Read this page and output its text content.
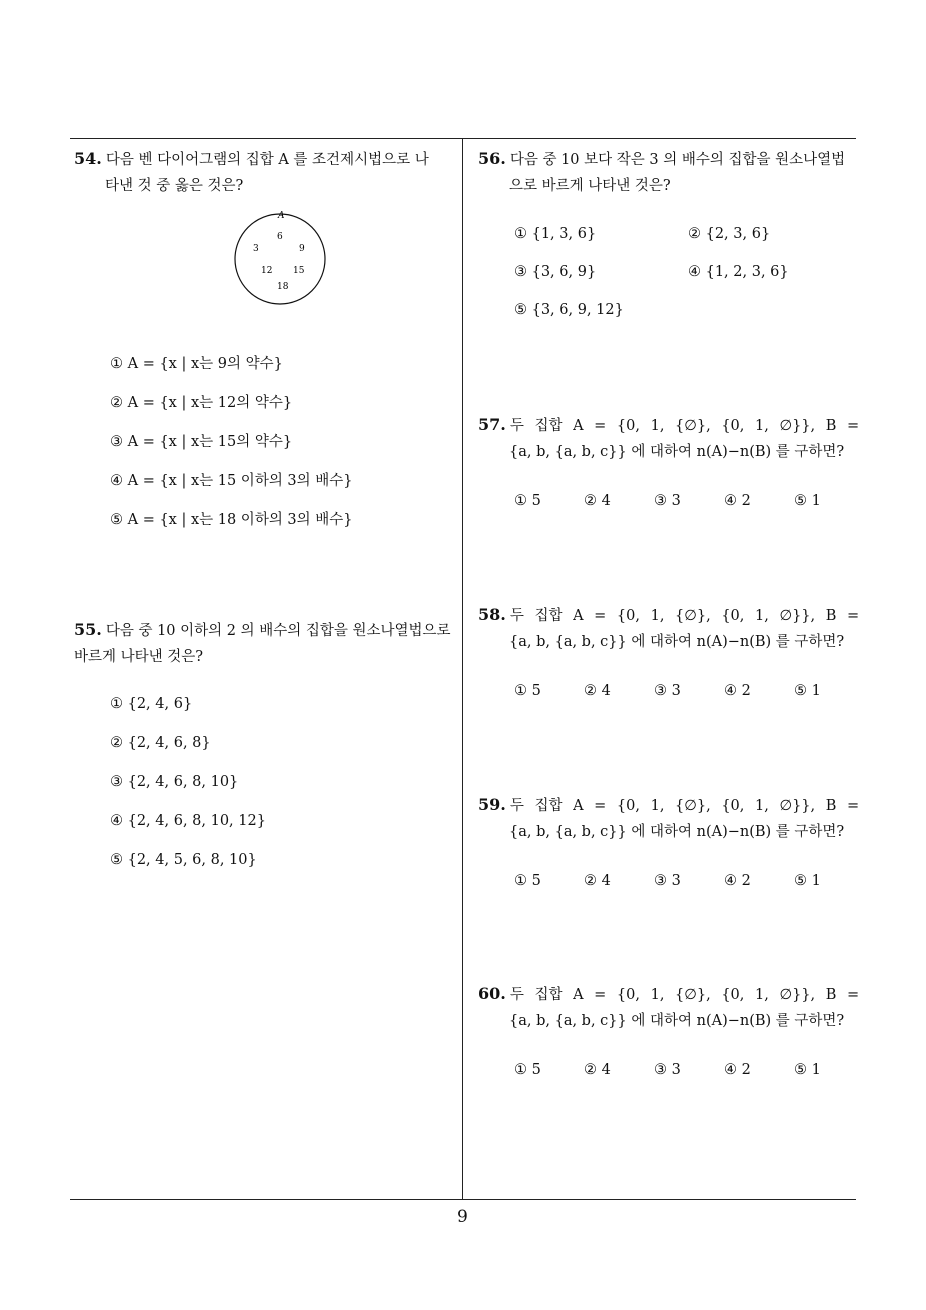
54. 다음 벤 다이어그램의 집합 A 를 조건제시법으로 나
타낸 것 중 옳은 것은?
A
3
6
9
12 15
18
① A = {x | x는 9의 약수}
② A = {x | x는 12의 약수}
③ A = {x | x는 15의 약수}
④ A = {x | x는 15 이하의 3의 배수}
⑤ A = {x | x는 18 이하의 3의 배수}
55. 다음 중 10 이하의 2 의 배수의 집합을 원소나열법으로
바르게 나타낸 것은?
① {2, 4, 6}
② {2, 4, 6, 8}
③ {2, 4, 6, 8, 10}
④ {2, 4, 6, 8, 10, 12}
⑤ {2, 4, 5, 6, 8, 10}
56. 다음 중 10 보다 작은 3 의 배수의 집합을 원소나열법
으로 바르게 나타낸 것은?
① {1, 3, 6}	② {2, 3, 6}
③ {3, 6, 9}	④ {1, 2, 3, 6}
⑤ {3, 6, 9, 12}
57. 두 집합 A = {0, 1, {∅}, {0, 1, ∅}}, B =
{a, b, {a, b, c}} 에 대하여 n(A)−n(B) 를 구하면?
① 5	② 4	③ 3	④ 2	⑤ 1
58. 두 집합 A = {0, 1, {∅}, {0, 1, ∅}}, B =
{a, b, {a, b, c}} 에 대하여 n(A)−n(B) 를 구하면?
① 5	② 4	③ 3	④ 2	⑤ 1
59. 두 집합 A = {0, 1, {∅}, {0, 1, ∅}}, B =
{a, b, {a, b, c}} 에 대하여 n(A)−n(B) 를 구하면?
① 5	② 4	③ 3	④ 2	⑤ 1
60. 두 집합 A = {0, 1, {∅}, {0, 1, ∅}}, B =
{a, b, {a, b, c}} 에 대하여 n(A)−n(B) 를 구하면?
① 5	② 4	③ 3	④ 2	⑤ 1
9
